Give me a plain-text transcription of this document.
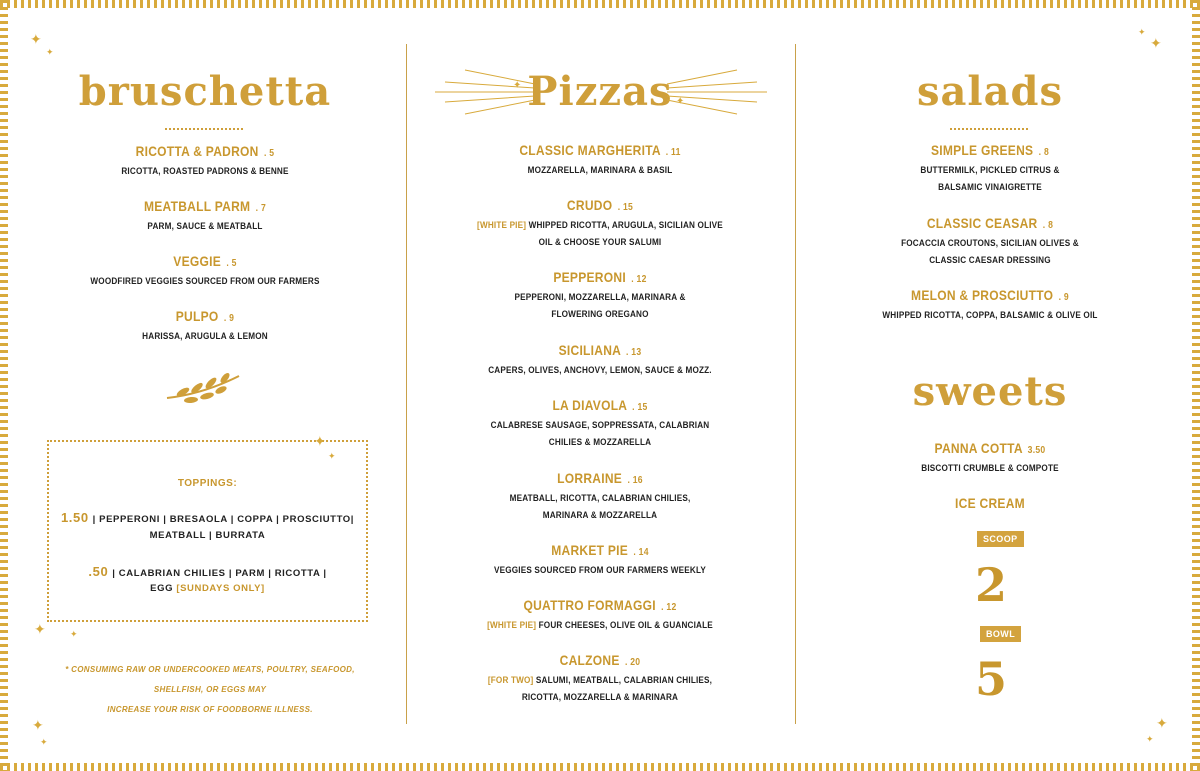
✦
✦
✦
✦
✦
✦
✦
✦
bruschetta
RICOTTA & PADRON . 5
RICOTTA, ROASTED PADRONS & BENNE
MEATBALL PARM . 7
PARM, SAUCE & MEATBALL
VEGGIE . 5
WOODFIRED VEGGIES SOURCED FROM OUR FARMERS
PULPO . 9
HARISSA, ARUGULA & LEMON
TOPPINGS:
1.50 | PEPPERONI | BRESAOLA | COPPA | PROSCIUTTO|
MEATBALL | BURRATA
.50 | CALABRIAN CHILIES | PARM | RICOTTA |
EGG [SUNDAYS ONLY]
✦
✦
✦	✦
* CONSUMING RAW OR UNDERCOOKED MEATS, POULTRY, SEAFOOD, SHELLFISH, OR EGGS MAY
INCREASE YOUR RISK OF FOODBORNE ILLNESS.
✦ Pizzas ✦
CLASSIC MARGHERITA . 11
MOZZARELLA, MARINARA & BASIL
CRUDO . 15
[WHITE PIE] WHIPPED RICOTTA, ARUGULA, SICILIAN OLIVE
OIL & CHOOSE YOUR SALUMI
PEPPERONI . 12
PEPPERONI, MOZZARELLA, MARINARA &
FLOWERING OREGANO
SICILIANA . 13
CAPERS, OLIVES, ANCHOVY, LEMON, SAUCE & MOZZ.
LA DIAVOLA . 15
CALABRESE SAUSAGE, SOPPRESSATA, CALABRIAN
CHILIES & MOZZARELLA
LORRAINE . 16
MEATBALL, RICOTTA, CALABRIAN CHILIES,
MARINARA & MOZZARELLA
MARKET PIE . 14
VEGGIES SOURCED FROM OUR FARMERS WEEKLY
QUATTRO FORMAGGI . 12
[WHITE PIE] FOUR CHEESES, OLIVE OIL & GUANCIALE
CALZONE . 20
[FOR TWO] SALUMI, MEATBALL, CALABRIAN CHILIES,
RICOTTA, MOZZARELLA & MARINARA
salads
SIMPLE GREENS . 8
BUTTERMILK, PICKLED CITRUS &
BALSAMIC VINAIGRETTE
CLASSIC CEASAR . 8
FOCACCIA CROUTONS, SICILIAN OLIVES &
CLASSIC CAESAR DRESSING
MELON & PROSCIUTTO . 9
WHIPPED RICOTTA, COPPA, BALSAMIC & OLIVE OIL
sweets
PANNA COTTA 3.50
BISCOTTI CRUMBLE & COMPOTE
ICE CREAM
SCOOP
2
BOWL
5
